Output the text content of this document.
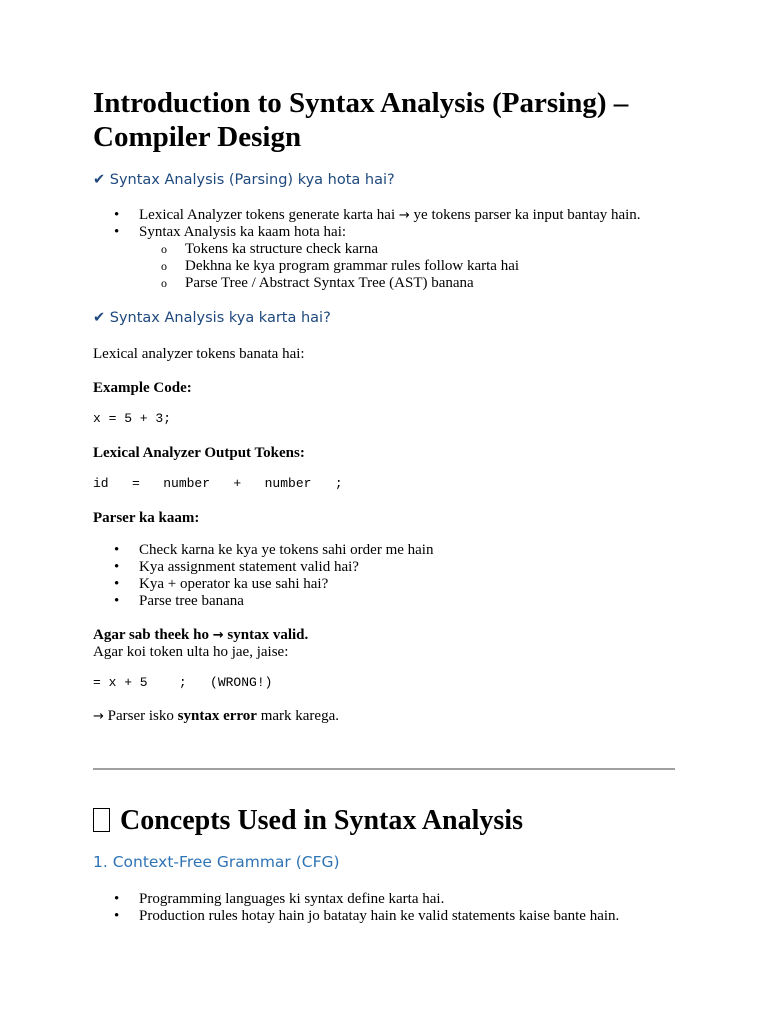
Introduction to Syntax Analysis (Parsing) – Compiler Design
✔ Syntax Analysis (Parsing) kya hota hai?
• Lexical Analyzer tokens generate karta hai → ye tokens parser ka input bantay hain.
• Syntax Analysis ka kaam hota hai:
o Tokens ka structure check karna
o Dekhna ke kya program grammar rules follow karta hai
o Parse Tree / Abstract Syntax Tree (AST) banana
✔ Syntax Analysis kya karta hai?

Lexical analyzer tokens banata hai:

Example Code:

x = 5 + 3;

Lexical Analyzer Output Tokens:

id   =   number   +   number   ;

Parser ka kaam:

• Check karna ke kya ye tokens sahi order me hain
• Kya assignment statement valid hai?
• Kya + operator ka use sahi hai?
• Parse tree banana

Agar sab theek ho → syntax valid.

Agar koi token ulta ho jae, jaise:

= x + 5    ;   (WRONG!)

→ Parser isko syntax error mark karega.

Concepts Used in Syntax Analysis
1. Context-Free Grammar (CFG)
• Programming languages ki syntax define karta hai.
• Production rules hotay hain jo batatay hain ke valid statements kaise bante hain.
